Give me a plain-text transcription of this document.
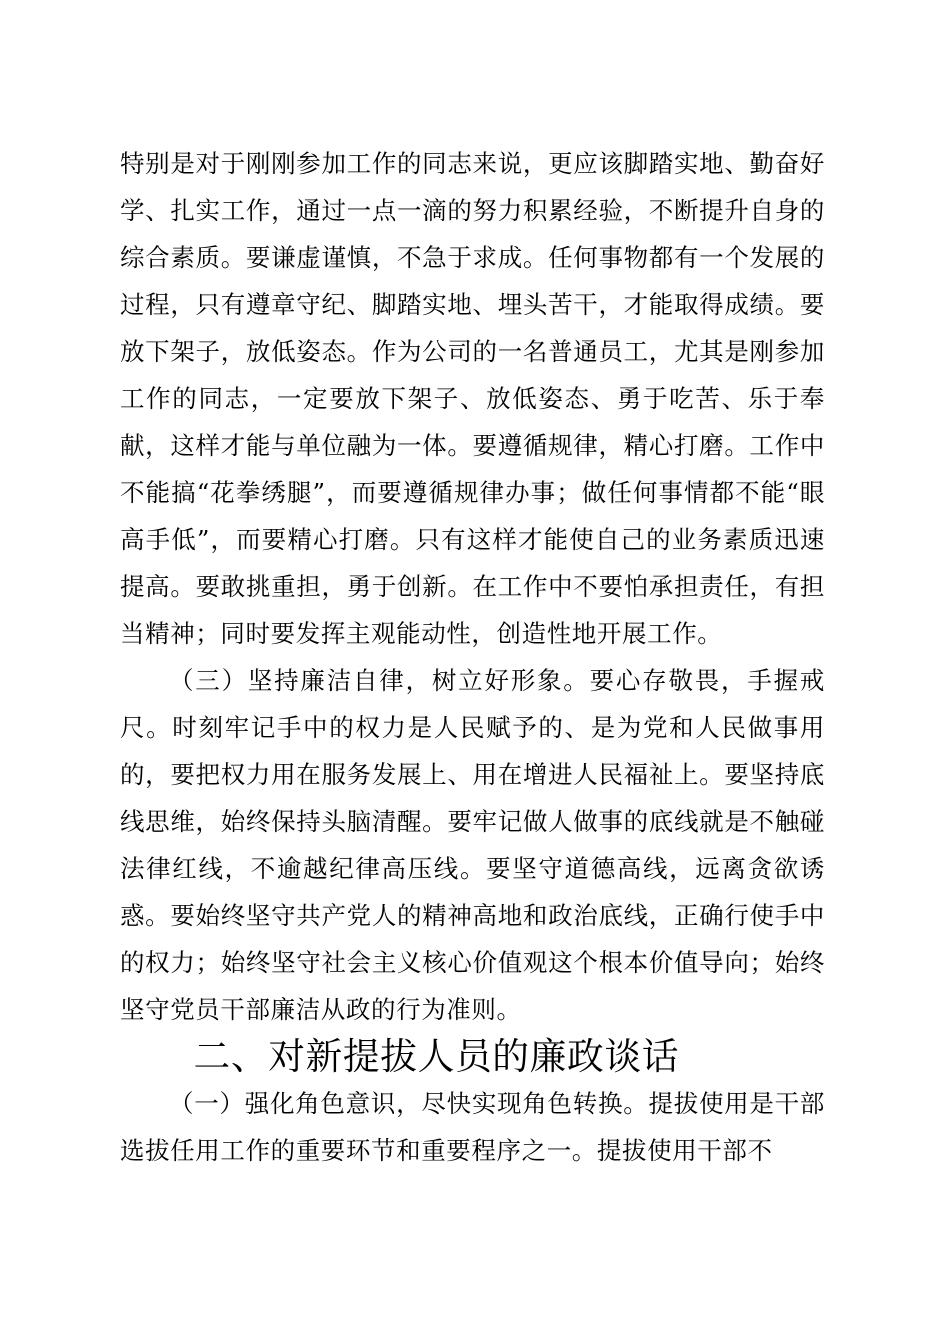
特别是对于刚刚参加工作的同志来说，更应该脚踏实地、勤奋好学、扎实工作，通过一点一滴的努力积累经验，不断提升自身的综合素质。要谦虚谨慎，不急于求成。任何事物都有一个发展的过程，只有遵章守纪、脚踏实地、埋头苦干，才能取得成绩。要放下架子，放低姿态。作为公司的一名普通员工，尤其是刚参加工作的同志，一定要放下架子、放低姿态、勇于吃苦、乐于奉献，这样才能与单位融为一体。要遵循规律，精心打磨。工作中不能搞“花拳绣腿”，而要遵循规律办事；做任何事情都不能“眼高手低”，而要精心打磨。只有这样才能使自己的业务素质迅速提高。要敢挑重担，勇于创新。在工作中不要怕承担责任，有担当精神；同时要发挥主观能动性，创造性地开展工作。

（三）坚持廉洁自律，树立好形象。要心存敬畏，手握戒尺。时刻牢记手中的权力是人民赋予的、是为党和人民做事用的，要把权力用在服务发展上、用在增进人民福祉上。要坚持底线思维，始终保持头脑清醒。要牢记做人做事的底线就是不触碰法律红线，不逾越纪律高压线。要坚守道德高线，远离贪欲诱惑。要始终坚守共产党人的精神高地和政治底线，正确行使手中的权力；始终坚守社会主义核心价值观这个根本价值导向；始终坚守党员干部廉洁从政的行为准则。

二、对新提拔人员的廉政谈话

（一）强化角色意识，尽快实现角色转换。提拔使用是干部选拔任用工作的重要环节和重要程序之一。提拔使用干部不
